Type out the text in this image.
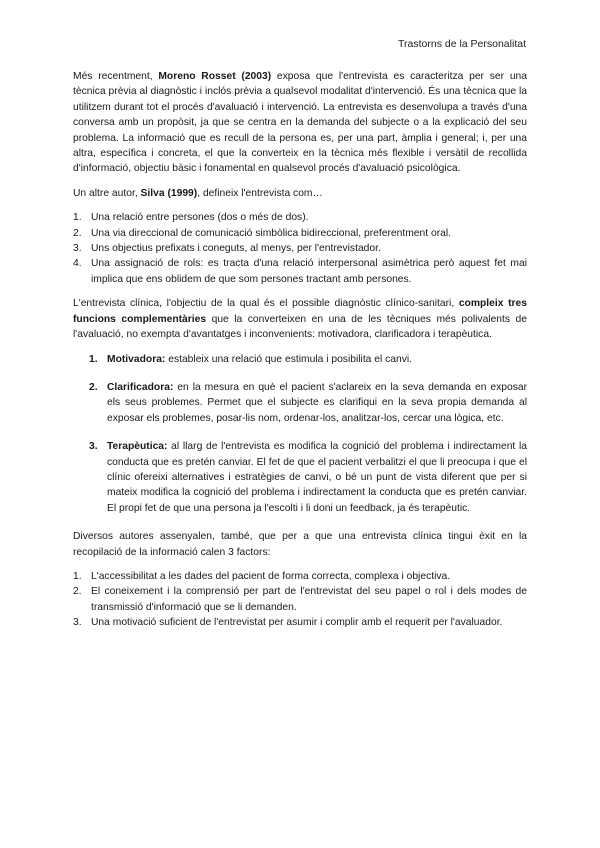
Trastorns de la Personalitat

Més recentment, Moreno Rosset (2003) exposa que l'entrevista es caracteritza per ser una tècnica prèvia al diagnòstic i inclós prèvia a qualsevol modalitat d'intervenció. És una tècnica que la utilitzem durant tot el procés d'avaluació i intervenció. La entrevista es desenvolupa a través d'una conversa amb un propòsit, ja que se centra en la demanda del subjecte o a la explicació del seu problema. La informació que es recull de la persona es, per una part, àmplia i general; i, per una altra, específica i concreta, el que la converteix en la tècnica més flexible i versàtil de recollida d'informació, objectiu bàsic i fonamental en qualsevol procés d'avaluació psicològica.

Un altre autor, Silva (1999), defineix l'entrevista com…

1. Una relació entre persones (dos o més de dos).
2. Una via direccional de comunicació simbòlica bidireccional, preferentment oral.
3. Uns objectius prefixats i coneguts, al menys, per l'entrevistador.
4. Una assignació de rols: es tracta d'una relació interpersonal asimètrica però aquest fet mai implica que ens oblidem de que som persones tractant amb persones.

L'entrevista clínica, l'objectiu de la qual és el possible diagnòstic clínico-sanitari, compleix tres funcions complementàries que la converteixen en una de les tècniques més polivalents de l'avaluació, no exempta d'avantatges i inconvenients: motivadora, clarificadora i terapèutica.

1. Motivadora: estableix una relació que estimula i posibilita el canvi.
2. Clarificadora: en la mesura en què el pacient s'aclareix en la seva demanda en exposar els seus problemes. Permet que el subjecte es clarifiqui en la seva propia demanda al exposar els problemes, posar-lis nom, ordenar-los, analitzar-los, cercar una lògica, etc.
3. Terapèutica: al llarg de l'entrevista es modifica la cognició del problema i indirectament la conducta que es pretén canviar. El fet de que el pacient verbalitzi el que li preocupa i que el clínic ofereixi alternatives i estratègies de canvi, o bé un punt de vista diferent que per si mateix modifica la cognició del problema i indirectament la conducta que es pretén canviar. El propi fet de que una persona ja l'escolti i li doni un feedback, ja és terapèutic.

Diversos autores assenyalen, també, que per a que una entrevista clínica tingui èxit en la recopilació de la informació calen 3 factors:

1. L'accessibilitat a les dades del pacient de forma correcta, complexa i objectiva.
2. El coneixement i la comprensió per part de l'entrevistat del seu papel o rol i dels modes de transmissió d'informació que se li demanden.
3. Una motivació suficient de l'entrevistat per asumir i complir amb el requerit per l'avaluador.
